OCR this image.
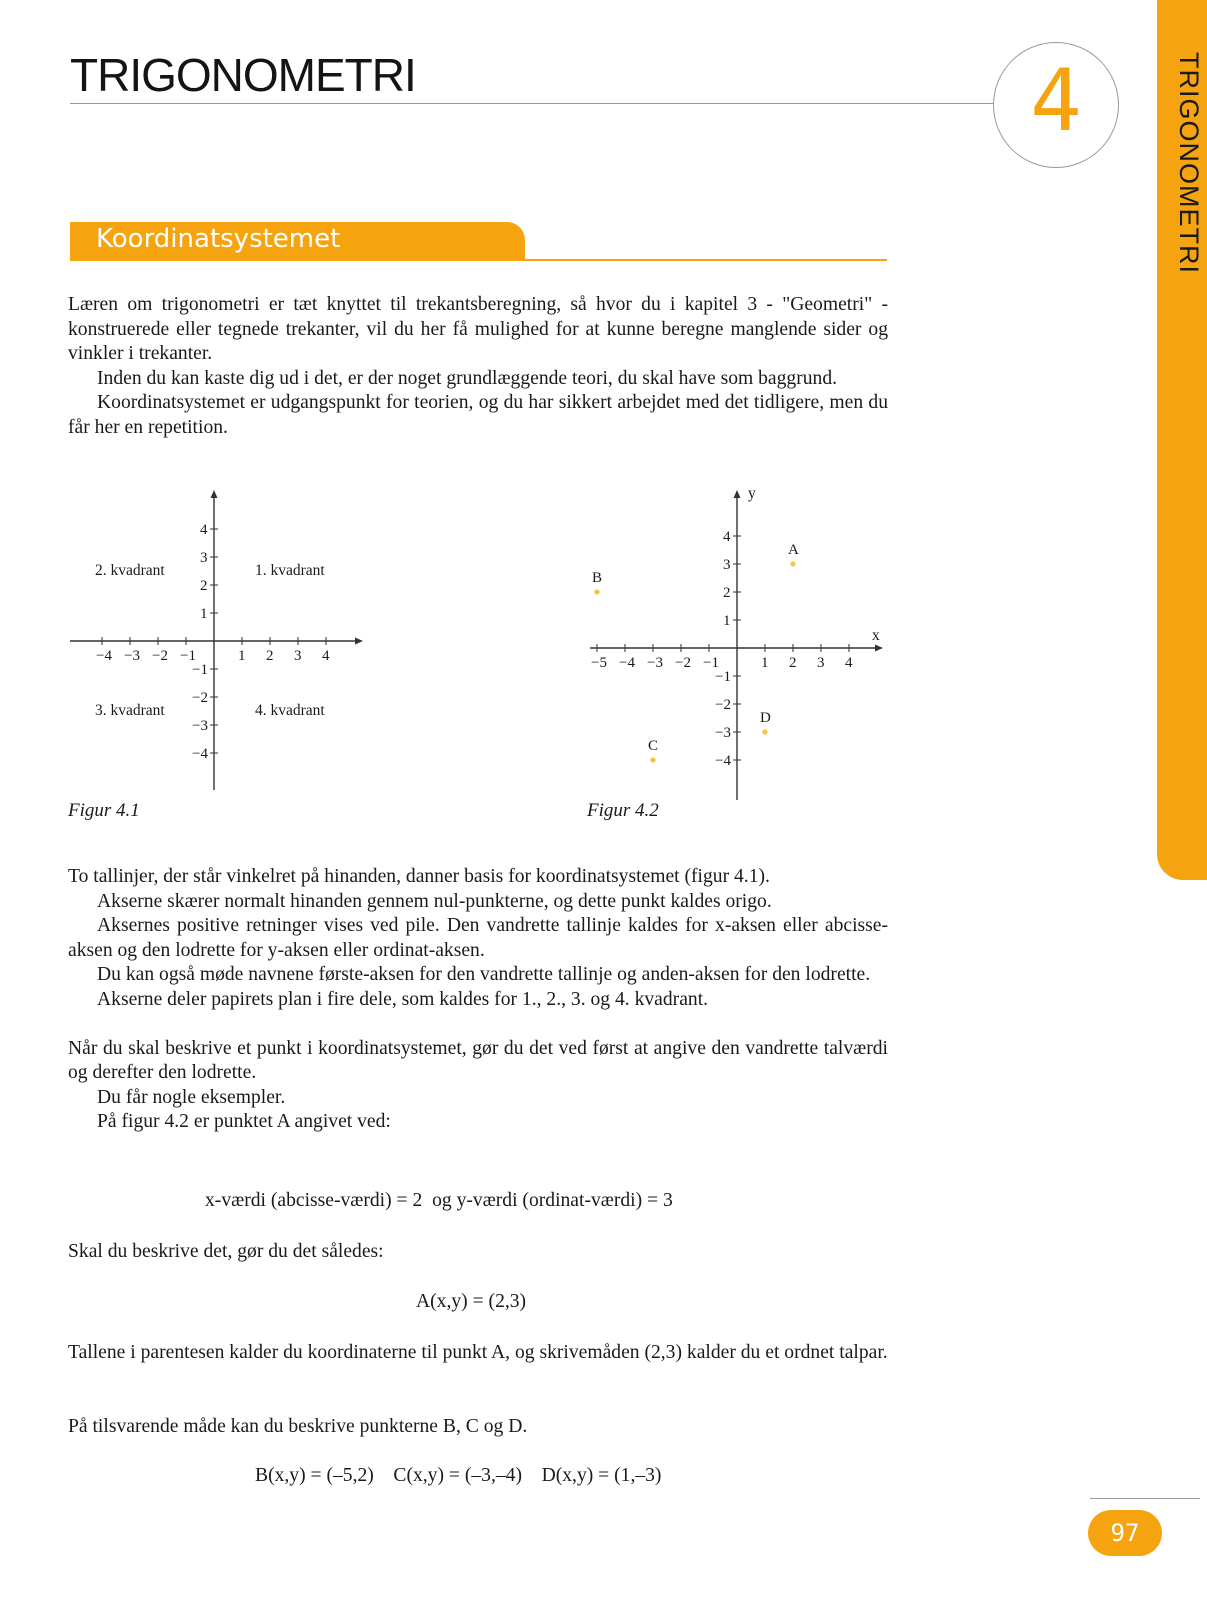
TRIGONOMETRI	4	TRIGONOMETRI
Koordinatsystemet

Læren om trigonometri er tæt knyttet til trekantsberegning, så hvor du i kapitel 3 - "Geometri" - konstruerede eller tegnede trekanter, vil du her få mulighed for at kunne beregne manglende sider og vinkler i trekanter.

Inden du kan kaste dig ud i det, er der noget grundlæggende teori, du skal have som baggrund.

Koordinatsystemet er udgangspunkt for teorien, og du har sikkert arbejdet med det tidligere, men du får her en repetition.

−4 −3 −2 −1	1 2 3 4
4
3
2
1
−1
−2
−3
−4
1. kvadrant
2. kvadrant
3. kvadrant	4. kvadrant
Figur 4.1
y
x
−5 −4 −3 −2 −1	1 2 3 4
4
3
2
1
−1
−2
−3
−4
A
B
C
D
Figur 4.2

To tallinjer, der står vinkelret på hinanden, danner basis for koordinatsystemet (figur 4.1).

Akserne skærer normalt hinanden gennem nul-punkterne, og dette punkt kaldes origo.

Aksernes positive retninger vises ved pile. Den vandrette tallinje kaldes for x-aksen eller abcisse-aksen og den lodrette for y-aksen eller ordinat-aksen.

Du kan også møde navnene første-aksen for den vandrette tallinje og anden-aksen for den lodrette.

Akserne deler papirets plan i fire dele, som kaldes for 1., 2., 3. og 4. kvadrant.

Når du skal beskrive et punkt i koordinatsystemet, gør du det ved først at angive den vandrette talværdi og derefter den lodrette.

Du får nogle eksempler.

På figur 4.2 er punktet A angivet ved:

x-værdi (abcisse-værdi) = 2  og y-værdi (ordinat-værdi) = 3

Skal du beskrive det, gør du det således:

A(x,y) = (2,3)

Tallene i parentesen kalder du koordinaterne til punkt A, og skrivemåden (2,3) kalder du et ordnet talpar.

På tilsvarende måde kan du beskrive punkterne B, C og D.

B(x,y) = (–5,2)    C(x,y) = (–3,–4)    D(x,y) = (1,–3)
97
